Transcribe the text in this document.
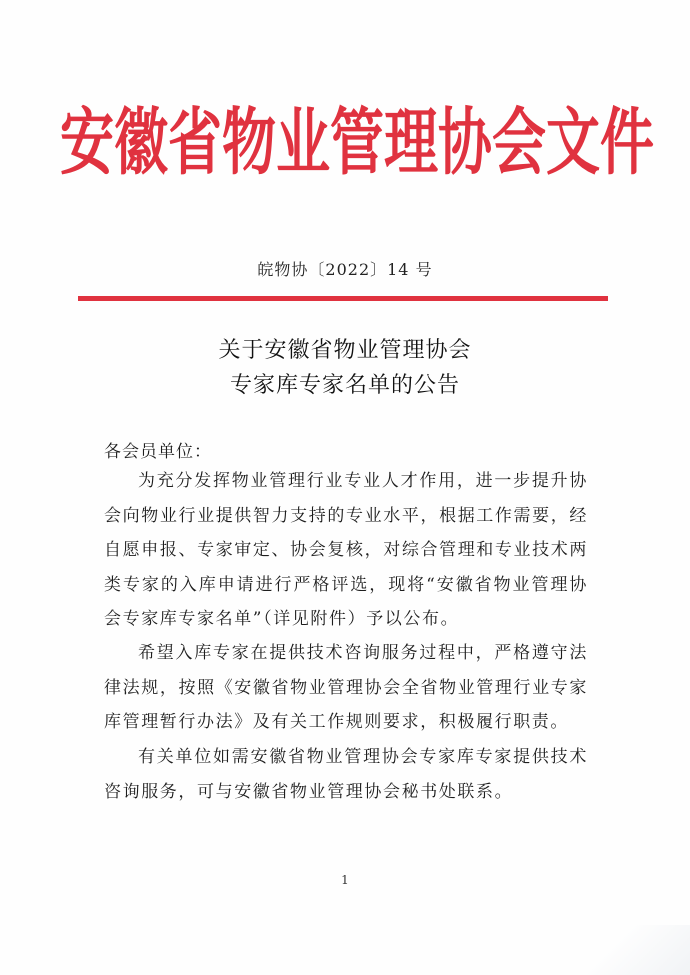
安徽省物业管理协会文件
皖物协〔2022〕14 号
关于安徽省物业管理协会
专家库专家名单的公告
各会员单位：

为充分发挥物业管理行业专业人才作用，进一步提升协会向物业行业提供智力支持的专业水平，根据工作需要，经自愿申报、专家审定、协会复核，对综合管理和专业技术两类专家的入库申请进行严格评选，现将“安徽省物业管理协会专家库专家名单”（详见附件）予以公布。

希望入库专家在提供技术咨询服务过程中，严格遵守法律法规，按照《安徽省物业管理协会全省物业管理行业专家库管理暂行办法》及有关工作规则要求，积极履行职责。

有关单位如需安徽省物业管理协会专家库专家提供技术咨询服务，可与安徽省物业管理协会秘书处联系。

1
